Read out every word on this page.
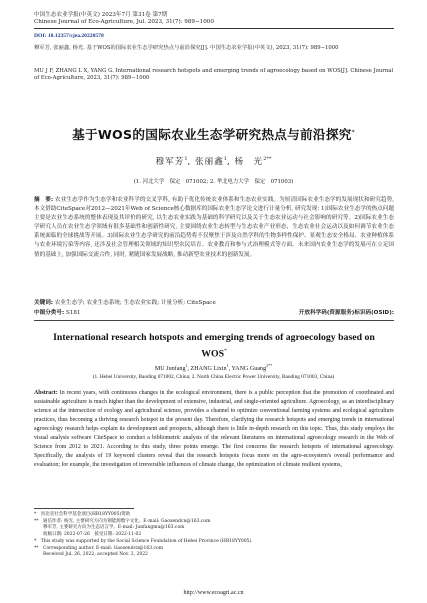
中国生态农业学报(中英文) 2023年7月 第31卷 第7期
Chinese Journal of Eco-Agriculture, Jul. 2023, 31(7): 989−1000
DOI: 10.12357/cjea.20220578
穆军芳, 张丽鑫, 杨光. 基于WOS的国际农业生态学研究热点与前沿探究[J]. 中国生态农业学报(中英文), 2023, 31(7): 989−1000
MU J F, ZHANG L X, YANG G. International research hotspots and emerging trends of agroecology based on WOS[J]. Chinese Journal of Eco-Agriculture, 2023, 31(7): 989−1000
基于WOS的国际农业生态学研究热点与前沿探究*
穆军芳$^1$, 张丽鑫$^1$, 杨　光$^{2**}$
(1. 河北大学　保定　071002; 2. 华北电力大学　保定　071003)
摘　要: 农业生态学作为生态学和农业科学的交叉学科, 有助于优化传统农业体系和生态农业实践。为厘清国际农业生态学的发展现状和研究趋势, 本文借助CiteSpace对2012—2021年Web of Science核心数据库的国际农业生态学论文进行计量分析, 研究发现: 1)国际农业生态学的热点问题主要是农业生态系统的整体表现及其评价的研究, 以生态农业实践为基础的科学研究以及关于生态农业运动与社会影响的研究等。2)国际农业生态学研究人员在农业生态学领域有很多基础性和创新性研究, 主要围绕农业生态转型与生态农业产业形态、生态农业社会运动以及如何调节农业生态系统面临的全球挑战等开展。3)国际农业生态学研究的前沿趋势将不仅聚焦于涉及自然学科的生物多样性保护、景观生态安全格局、农业种植体系与农业环境污染等内容, 还涉及社会管理相关领域的知识型农民培育、农业教育和参与式治理模式等方面。未来国内农业生态学的发展可在立足国情的基础上, 加强国际交流合作, 同时, 紧随国家发展战略, 推动新型农业技术的创新发展。
关键词: 农业生态学; 农业生态系统; 生态农业实践; 计量分析; CiteSpace
中图分类号: S181	开放科学码(资源服务)标识码(OSID):
International research hotspots and emerging trends of agroecology based on WOS*
MU Junfang$^1$, ZHANG Lixin$^1$, YANG Guang$^{2**}$
(1. Hebei University, Baoding 071002, China; 2. North China Electric Power University, Baoding 071003, China)
Abstract: In recent years, with continuous changes in the ecological environment, there is a public perception that the promotion of coordinated and sustainable agriculture is much higher than the development of extensive, industrial, and single-oriented agriculture. Agroecology, as an interdisciplinary science at the intersection of ecology and agricultural science, provides a channel to optimize conventional farming systems and ecological agriculture practices, thus becoming a thriving research hotspot in the present day. Therefore, clarifying the research hotspots and emerging trends in international agroecology research helps explain its development and prospects, although there is little in-depth research on this topic. Thus, this study employs the visual analysis software CiteSpace to conduct a bibliometric analysis of the relevant literatures on international agroecology research in the Web of Science from 2012 to 2021. According to this study, three points emerge. The first concerns the research hotspots of international agroecology. Specifically, the analysis of 19 keyword clusters reveal that the research hotspots focus more on the agro-ecosystem's overall performance and evaluation; for example, the investigation of irreversible influences of climate change, the optimization of climate resilient systems,
*　河北省社会科学基金项目(HB18YY005)资助
**　通信作者: 杨光, 主要研究方向为钢能源数字文化。E-mail: Gaoxendcn@163.com
　　穆军芳, 主要研究方向为生态语言学。E-mail: Junfangmu@163.com
　　收稿日期: 2022-07-26　接受日期: 2022-11-02
*　This study was supported by the Social Science Foundation of Hebei Province (HB18YY005).
**　Corresponding author, E-mail: Gaoxendcn@163.com
　　Received Jul. 26, 2022; accepted Nov. 2, 2022
http://www.ecoagri.ac.cn
